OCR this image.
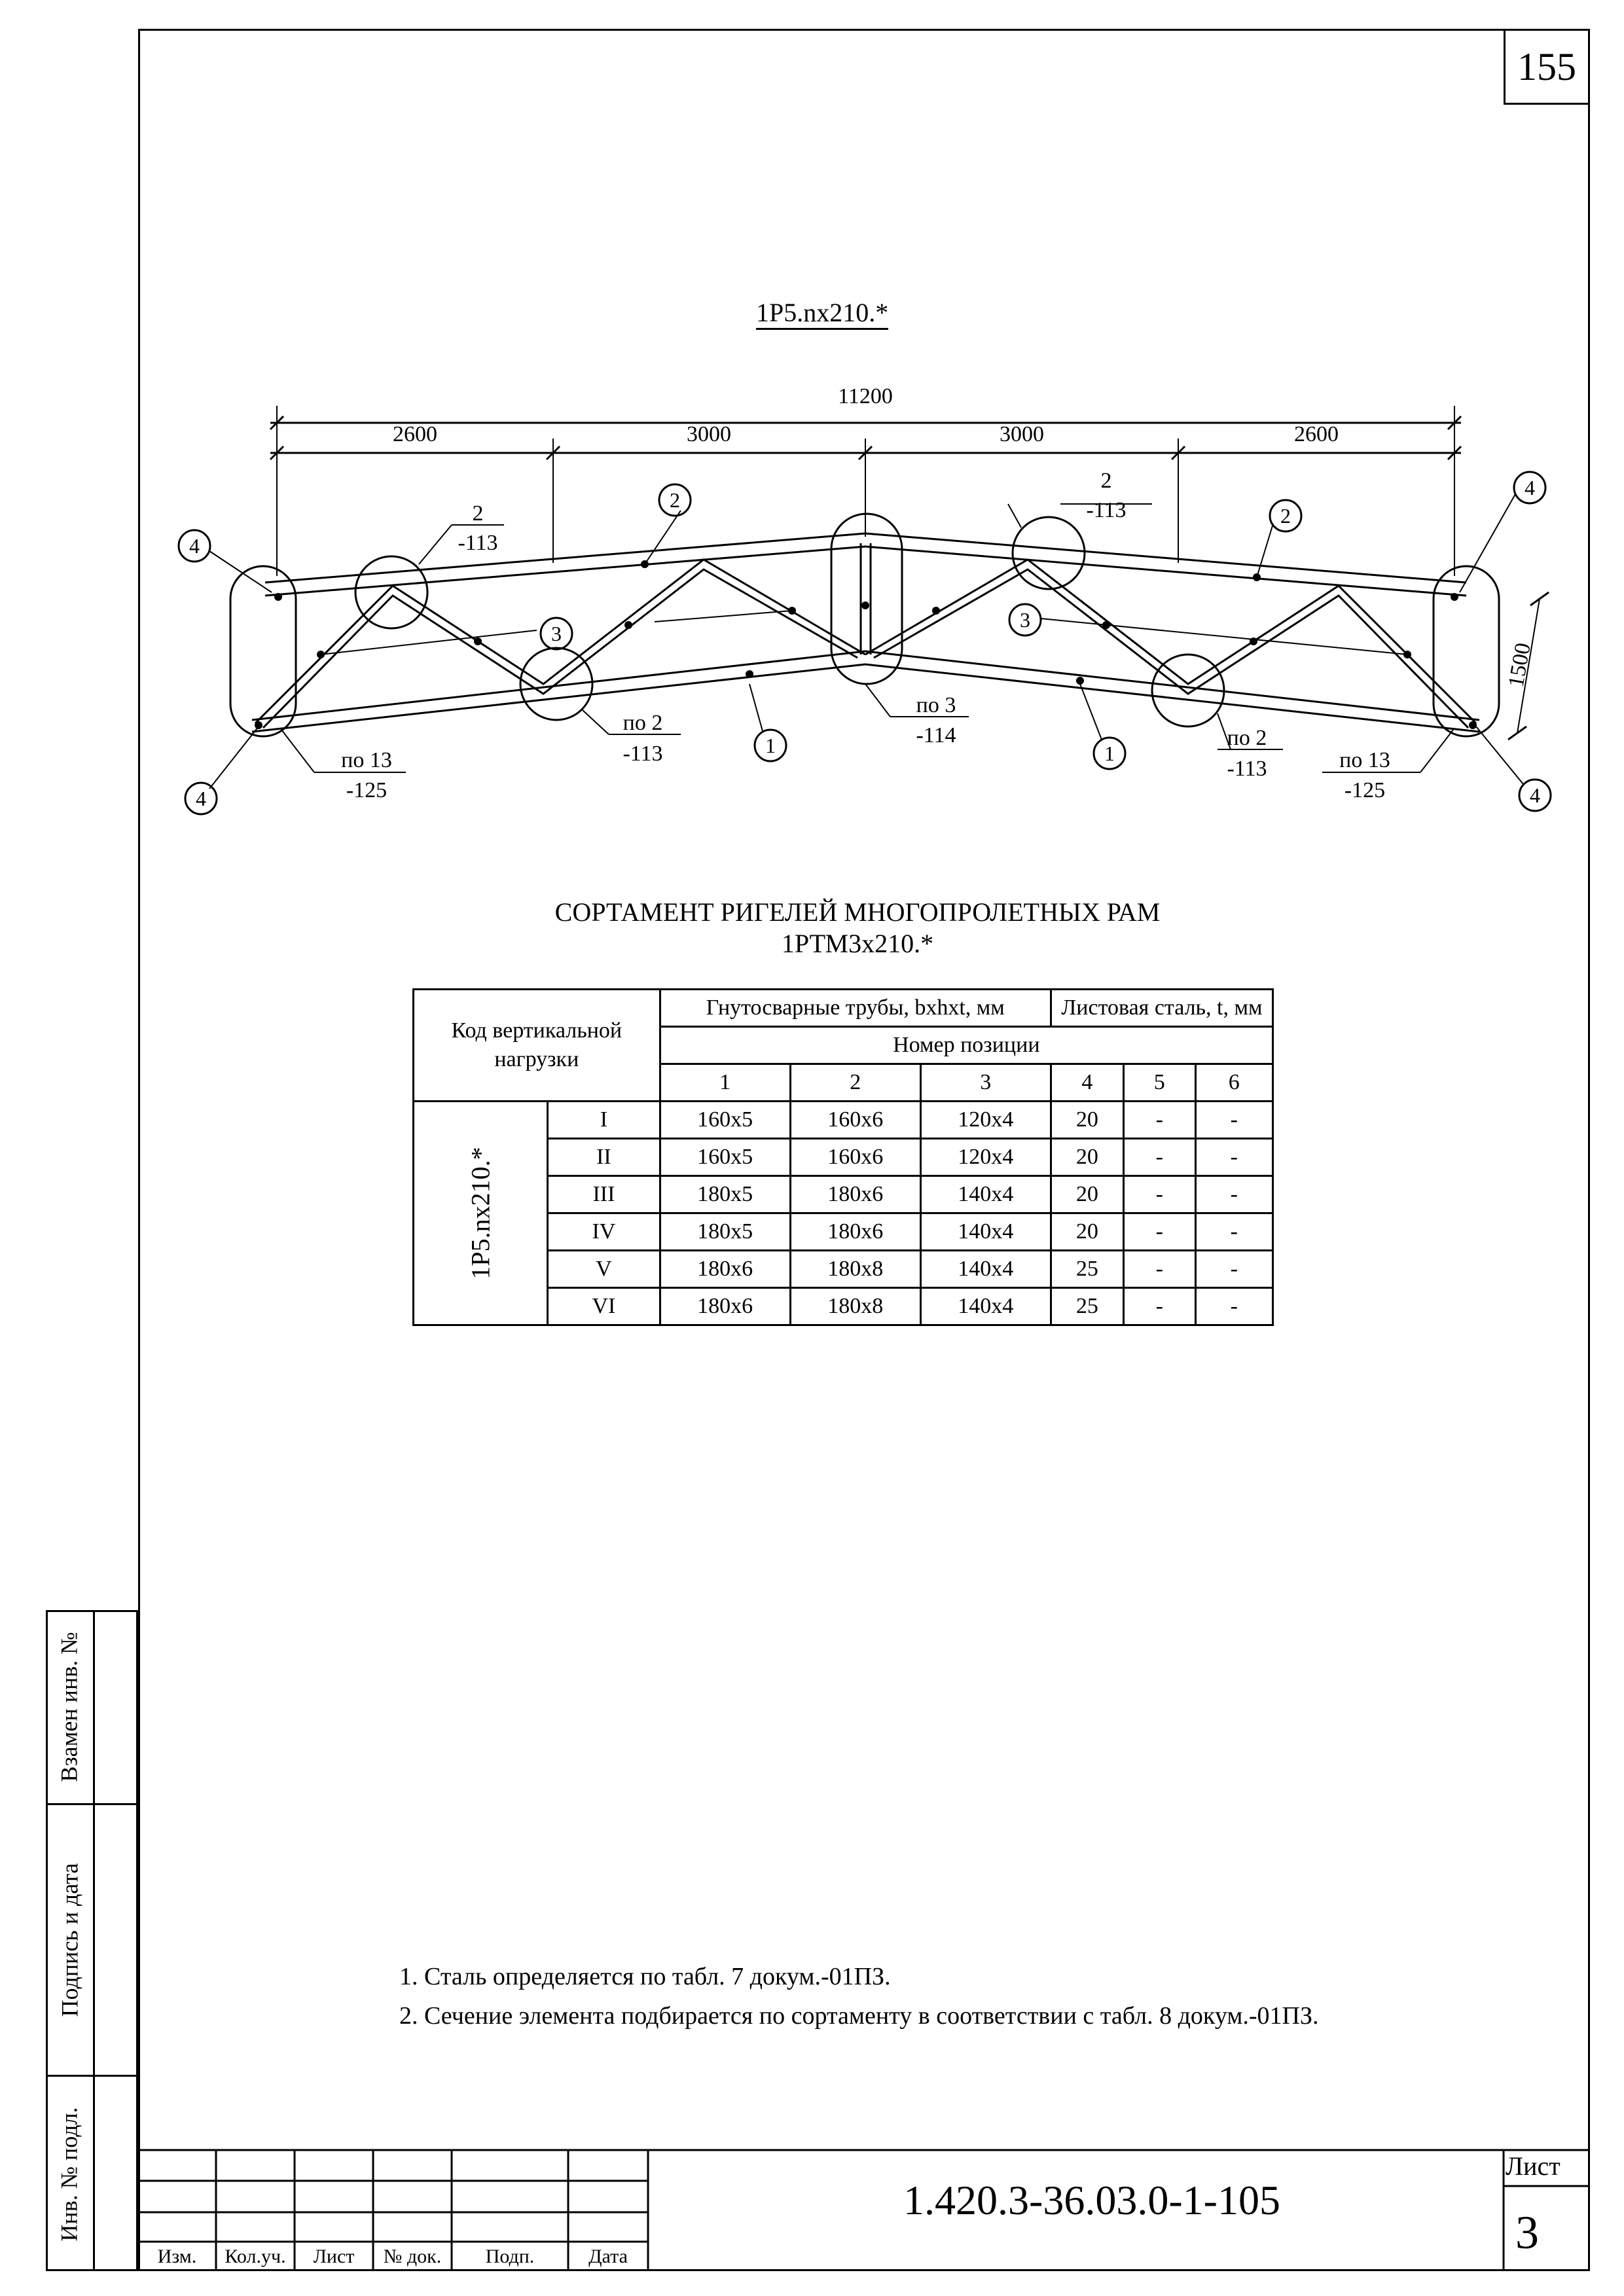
155
1Р5.nх210.*
11200
2600	3000	3000	2600
1500
2
-113
2
-113
по 2
-113
по 2
-113
по 3
-114
по 13
-125
по 13
-125
4
2
2
4
3
3
1	1
4	4
СОРТАМЕНТ РИГЕЛЕЙ МНОГОПРОЛЕТНЫХ РАМ
1РТМ3х210.*
Код вертикальной нагрузки		Гнутосварные трубы, bxhxt, мм			Листовая сталь, t, мм		
		Номер позиции					
		1	2	3	4	5	6
1Р5.nх210.*	I	160х5	160х6	120х4	20	-	-
	II	160х5	160х6	120х4	20	-	-
	III	180х5	180х6	140х4	20	-	-
	IV	180х5	180х6	140х4	20	-	-
	V	180х6	180х8	140х4	25	-	-
	VI	180х6	180х8	140х4	25	-	-
1. Сталь определяется по табл. 7 докум.-01ПЗ.
2. Сечение элемента подбирается по сортаменту в соответствии с табл. 8 докум.-01ПЗ.
Взамен инв. №
Подпись и дата
Инв. № подл.
Изм.	Кол.уч.	Лист	№ док.	Подп.	Дата
1.420.3-36.03.0-1-105
Лист
3
